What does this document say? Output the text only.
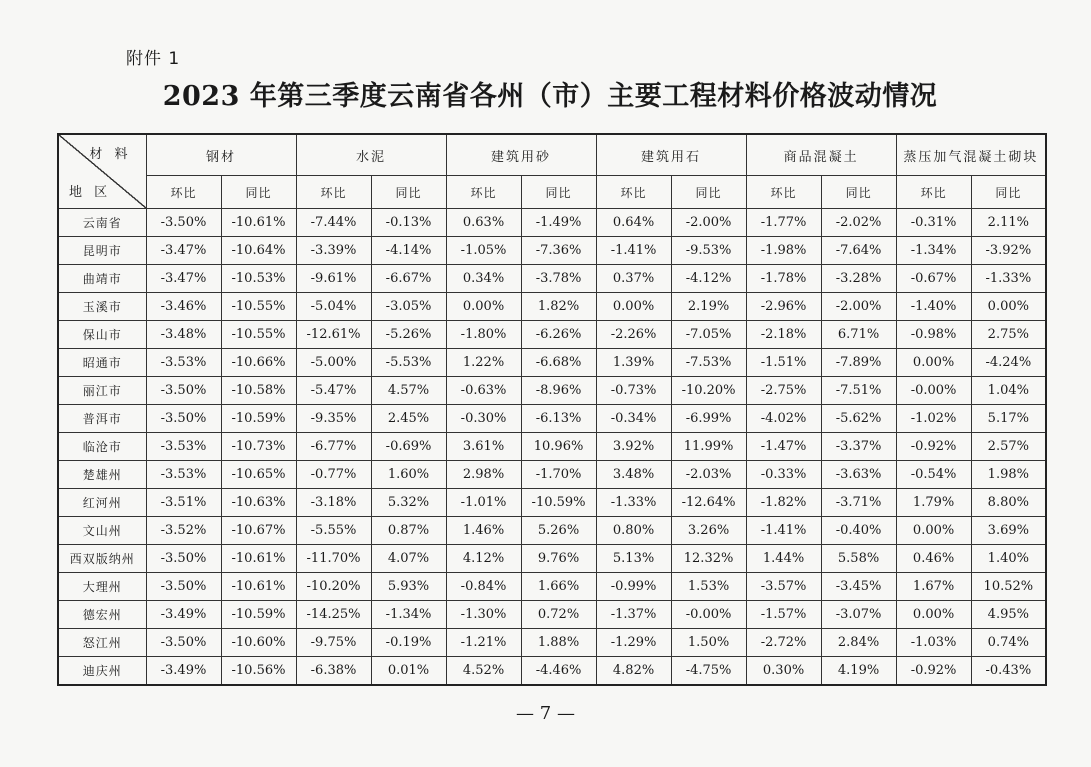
附件 1
2023 年第三季度云南省各州（市）主要工程材料价格波动情况
材 料
地 区	钢材		水泥		建筑用砂		建筑用石		商品混凝土		蒸压加气混凝土砌块	
	环比	同比	环比	同比	环比	同比	环比	同比	环比	同比	环比	同比
云南省	-3.50%	-10.61%	-7.44%	-0.13%	0.63%	-1.49%	0.64%	-2.00%	-1.77%	-2.02%	-0.31%	2.11%
昆明市	-3.47%	-10.64%	-3.39%	-4.14%	-1.05%	-7.36%	-1.41%	-9.53%	-1.98%	-7.64%	-1.34%	-3.92%
曲靖市	-3.47%	-10.53%	-9.61%	-6.67%	0.34%	-3.78%	0.37%	-4.12%	-1.78%	-3.28%	-0.67%	-1.33%
玉溪市	-3.46%	-10.55%	-5.04%	-3.05%	0.00%	1.82%	0.00%	2.19%	-2.96%	-2.00%	-1.40%	0.00%
保山市	-3.48%	-10.55%	-12.61%	-5.26%	-1.80%	-6.26%	-2.26%	-7.05%	-2.18%	6.71%	-0.98%	2.75%
昭通市	-3.53%	-10.66%	-5.00%	-5.53%	1.22%	-6.68%	1.39%	-7.53%	-1.51%	-7.89%	0.00%	-4.24%
丽江市	-3.50%	-10.58%	-5.47%	4.57%	-0.63%	-8.96%	-0.73%	-10.20%	-2.75%	-7.51%	-0.00%	1.04%
普洱市	-3.50%	-10.59%	-9.35%	2.45%	-0.30%	-6.13%	-0.34%	-6.99%	-4.02%	-5.62%	-1.02%	5.17%
临沧市	-3.53%	-10.73%	-6.77%	-0.69%	3.61%	10.96%	3.92%	11.99%	-1.47%	-3.37%	-0.92%	2.57%
楚雄州	-3.53%	-10.65%	-0.77%	1.60%	2.98%	-1.70%	3.48%	-2.03%	-0.33%	-3.63%	-0.54%	1.98%
红河州	-3.51%	-10.63%	-3.18%	5.32%	-1.01%	-10.59%	-1.33%	-12.64%	-1.82%	-3.71%	1.79%	8.80%
文山州	-3.52%	-10.67%	-5.55%	0.87%	1.46%	5.26%	0.80%	3.26%	-1.41%	-0.40%	0.00%	3.69%
西双版纳州	-3.50%	-10.61%	-11.70%	4.07%	4.12%	9.76%	5.13%	12.32%	1.44%	5.58%	0.46%	1.40%
大理州	-3.50%	-10.61%	-10.20%	5.93%	-0.84%	1.66%	-0.99%	1.53%	-3.57%	-3.45%	1.67%	10.52%
德宏州	-3.49%	-10.59%	-14.25%	-1.34%	-1.30%	0.72%	-1.37%	-0.00%	-1.57%	-3.07%	0.00%	4.95%
怒江州	-3.50%	-10.60%	-9.75%	-0.19%	-1.21%	1.88%	-1.29%	1.50%	-2.72%	2.84%	-1.03%	0.74%
迪庆州	-3.49%	-10.56%	-6.38%	0.01%	4.52%	-4.46%	4.82%	-4.75%	0.30%	4.19%	-0.92%	-0.43%
— 7 —
